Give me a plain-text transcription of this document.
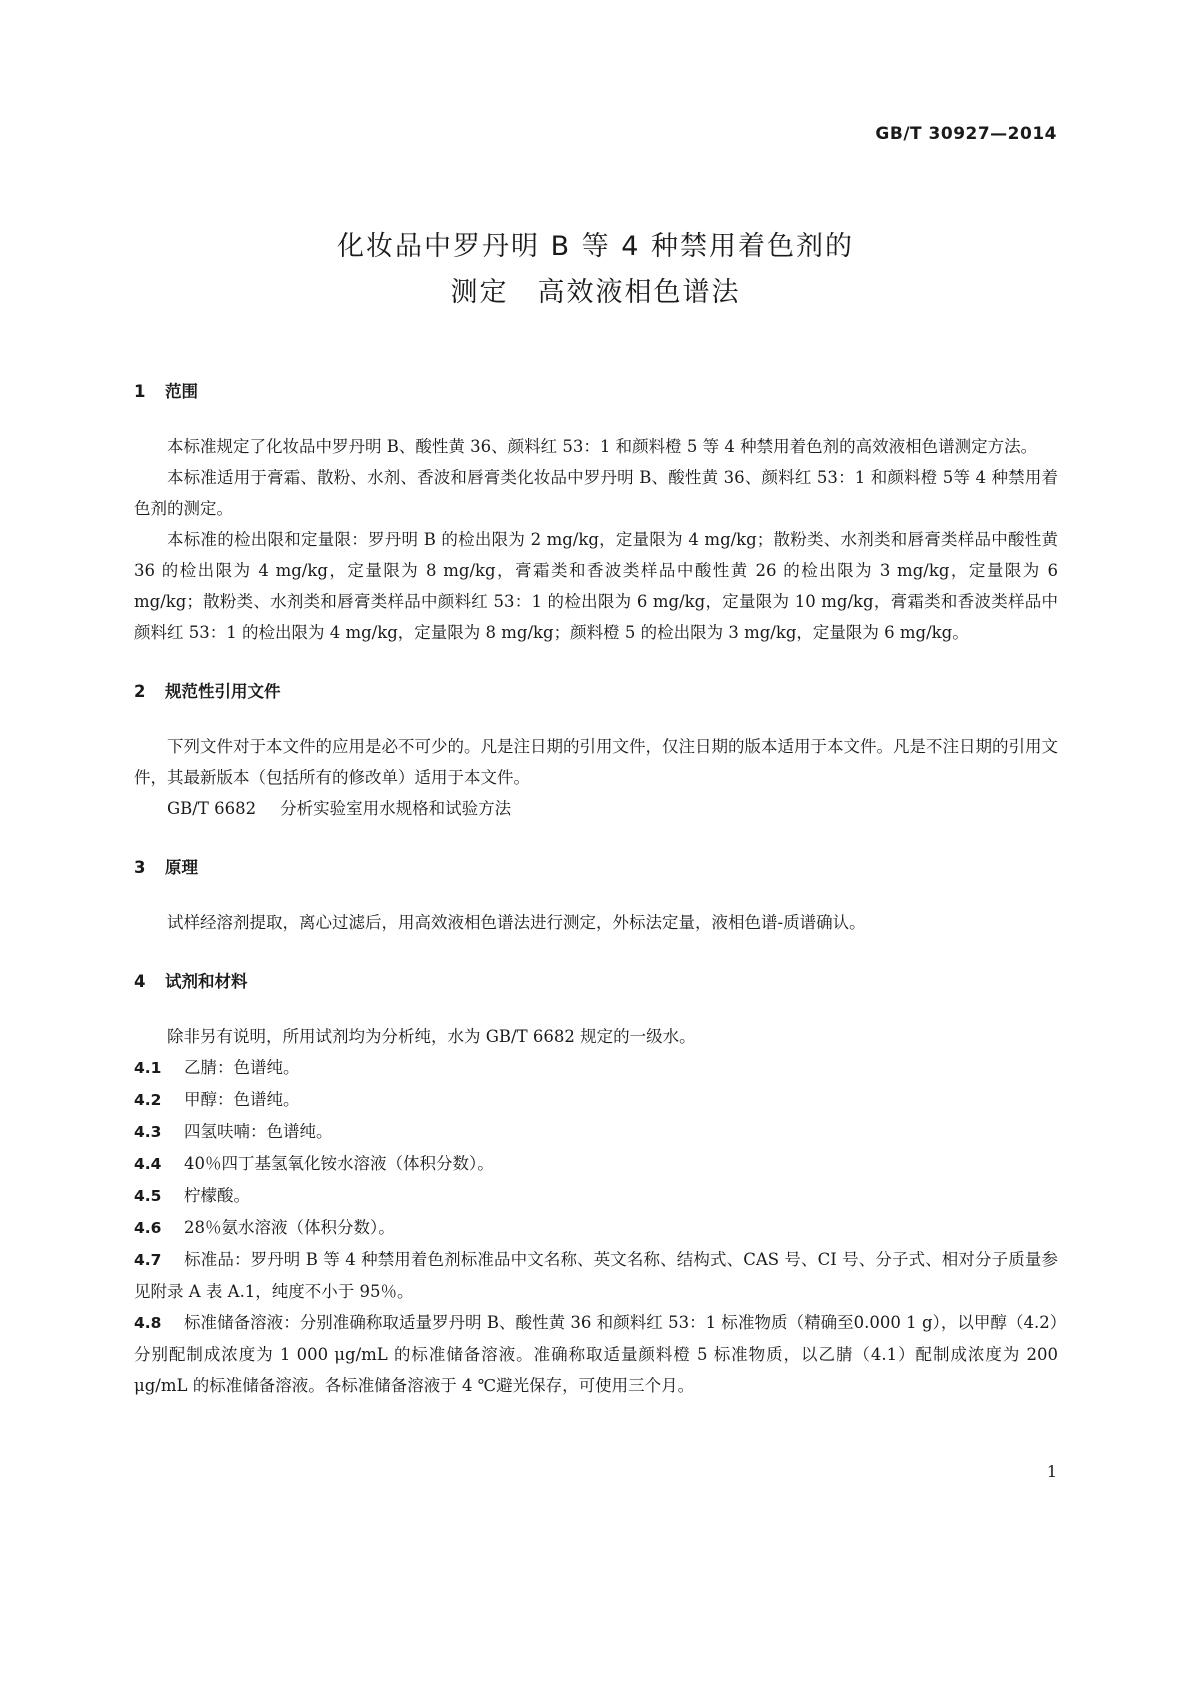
GB/T 30927—2014
化妆品中罗丹明 B 等 4 种禁用着色剂的
测定　高效液相色谱法
1 范围

本标准规定了化妆品中罗丹明 B、酸性黄 36、颜料红 53：1 和颜料橙 5 等 4 种禁用着色剂的高效液相色谱测定方法。

本标准适用于膏霜、散粉、水剂、香波和唇膏类化妆品中罗丹明 B、酸性黄 36、颜料红 53：1 和颜料橙 5等 4 种禁用着色剂的测定。

本标准的检出限和定量限：罗丹明 B 的检出限为 2 mg/kg，定量限为 4 mg/kg；散粉类、水剂类和唇膏类样品中酸性黄 36 的检出限为 4 mg/kg，定量限为 8 mg/kg，膏霜类和香波类样品中酸性黄 26 的检出限为 3 mg/kg，定量限为 6 mg/kg；散粉类、水剂类和唇膏类样品中颜料红 53：1 的检出限为 6 mg/kg，定量限为 10 mg/kg，膏霜类和香波类样品中颜料红 53：1 的检出限为 4 mg/kg，定量限为 8 mg/kg；颜料橙 5 的检出限为 3 mg/kg，定量限为 6 mg/kg。

2 规范性引用文件

下列文件对于本文件的应用是必不可少的。凡是注日期的引用文件，仅注日期的版本适用于本文件。凡是不注日期的引用文件，其最新版本（包括所有的修改单）适用于本文件。

GB/T 6682 分析实验室用水规格和试验方法

3 原理

试样经溶剂提取，离心过滤后，用高效液相色谱法进行测定，外标法定量，液相色谱-质谱确认。

4 试剂和材料

除非另有说明，所用试剂均为分析纯，水为 GB/T 6682 规定的一级水。

4.1 乙腈：色谱纯。

4.2 甲醇：色谱纯。

4.3 四氢呋喃：色谱纯。

4.4 40％四丁基氢氧化铵水溶液（体积分数）。

4.5 柠檬酸。

4.6 28％氨水溶液（体积分数）。

4.7 标准品：罗丹明 B 等 4 种禁用着色剂标准品中文名称、英文名称、结构式、CAS 号、CI 号、分子式、相对分子质量参见附录 A 表 A.1，纯度不小于 95％。

4.8 标准储备溶液：分别准确称取适量罗丹明 B、酸性黄 36 和颜料红 53：1 标准物质（精确至0.000 1 g），以甲醇（4.2）分别配制成浓度为 1 000 μg/mL 的标准储备溶液。准确称取适量颜料橙 5 标准物质，以乙腈（4.1）配制成浓度为 200 μg/mL 的标准储备溶液。各标准储备溶液于 4 ℃避光保存，可使用三个月。

1
